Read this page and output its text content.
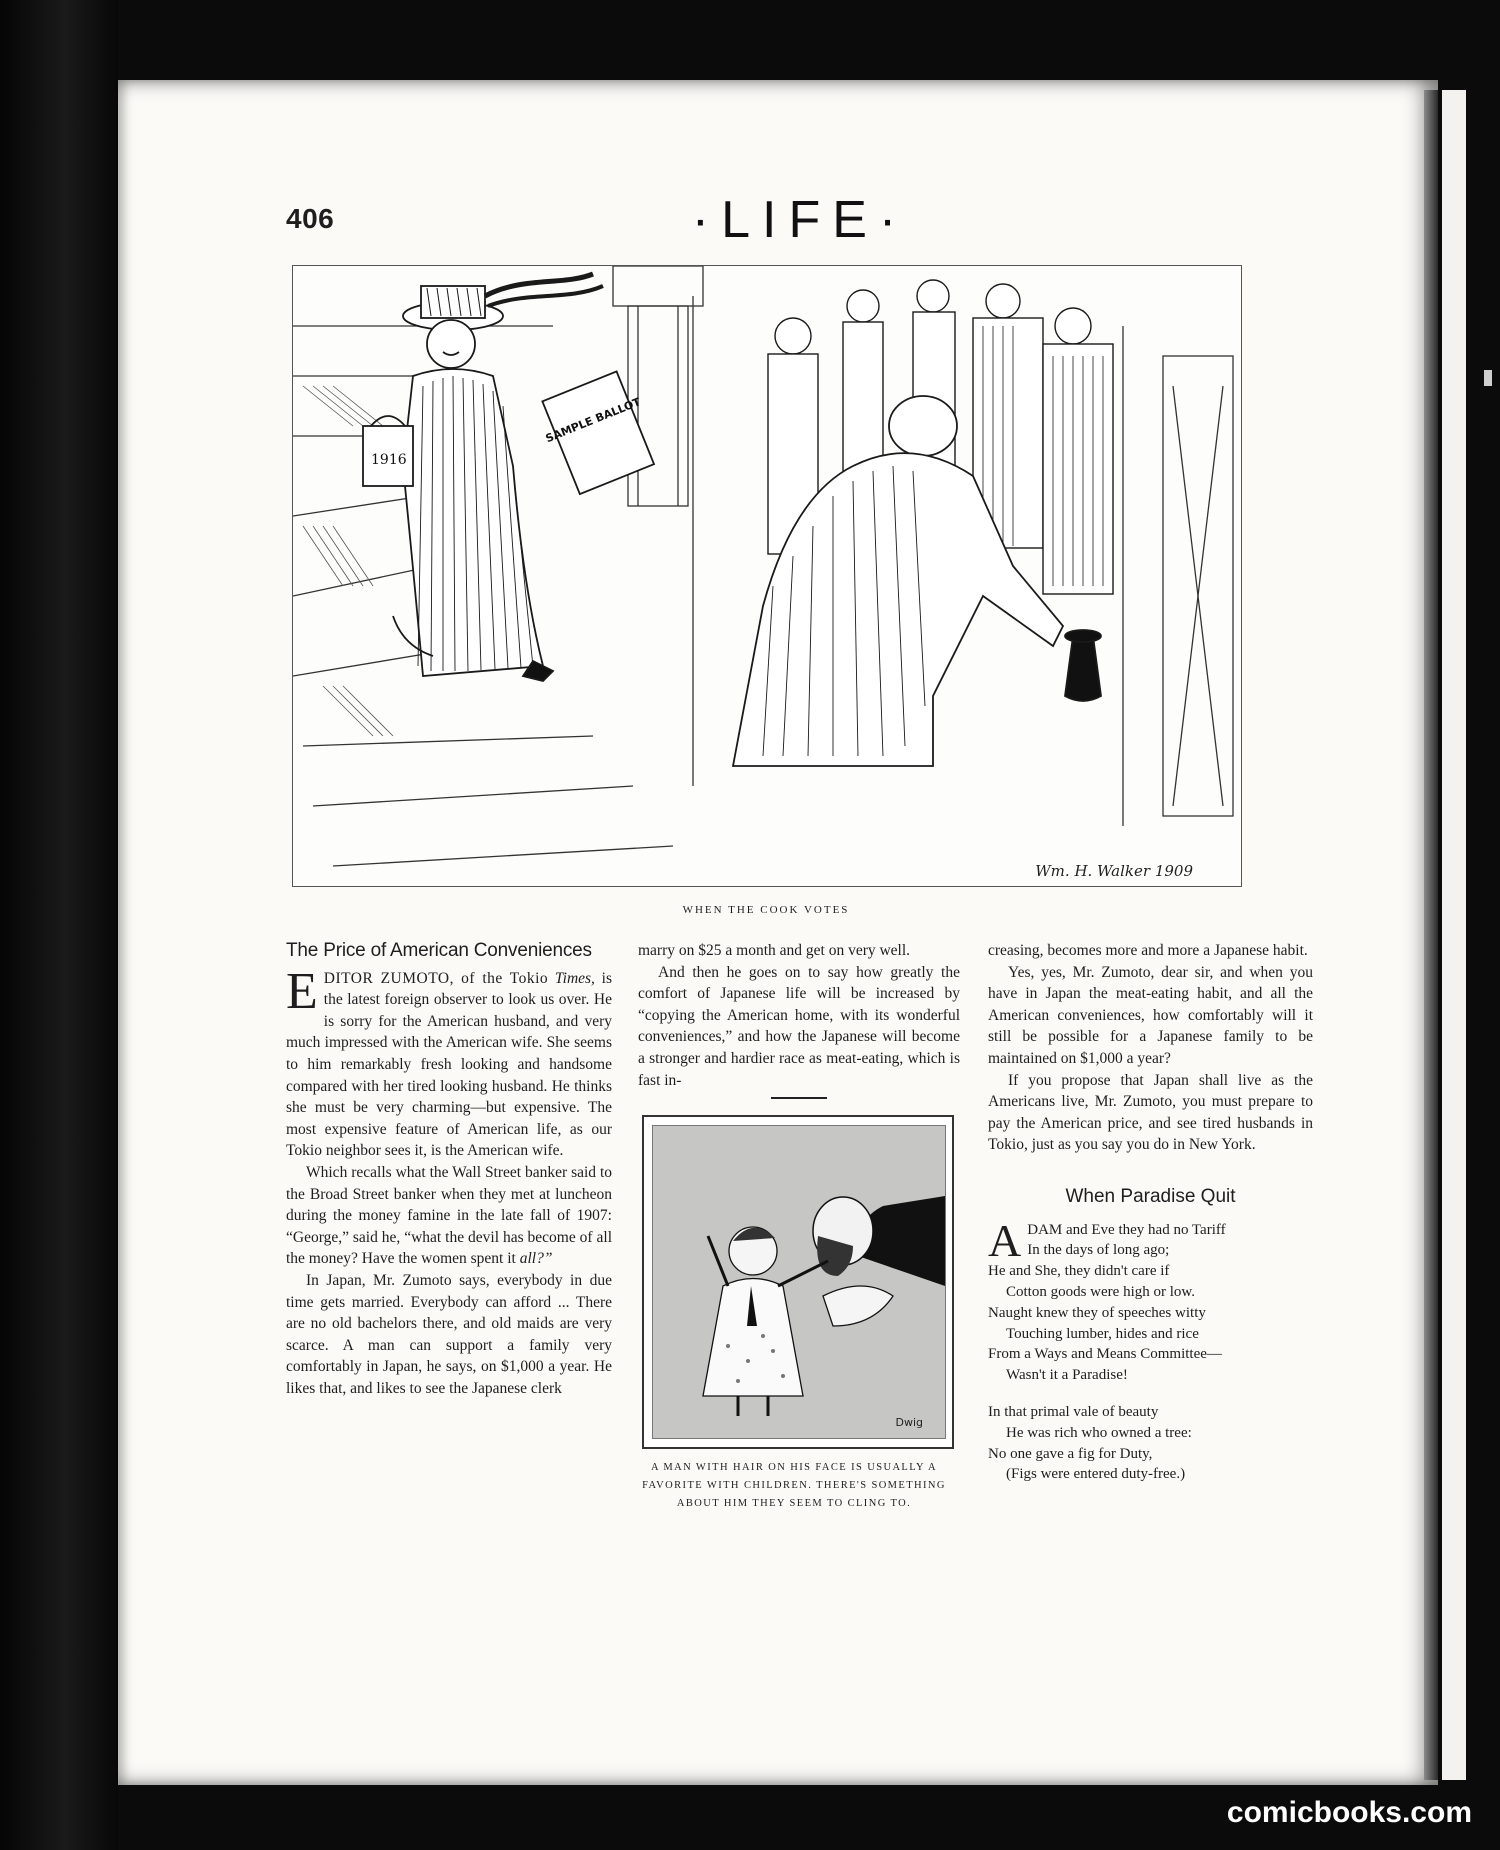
406	·LIFE·
1916
SAMPLE BALLOT
Wm. H. Walker 1909
WHEN THE COOK VOTES
The Price of American Conveniences

EDITOR ZUMOTO, of the Tokio Times, is the latest foreign observer to look us over. He is sorry for the American husband, and very much impressed with the American wife. She seems to him remarkably fresh looking and handsome compared with her tired looking husband. He thinks she must be very charming—but expensive. The most expensive feature of American life, as our Tokio neighbor sees it, is the American wife.

Which recalls what the Wall Street banker said to the Broad Street banker when they met at luncheon during the money famine in the late fall of 1907: “George,” said he, “what the devil has become of all the money? Have the women spent it all?”

In Japan, Mr. Zumoto says, everybody in due time gets married. Everybody can afford ... There are no old bachelors there, and old maids are very scarce. A man can support a family very comfortably in Japan, he says, on $1,000 a year. He likes that, and likes to see the Japanese clerk

marry on $25 a month and get on very well.

And then he goes on to say how greatly the comfort of Japanese life will be increased by “copying the American home, with its wonderful conveniences,” and how the Japanese will become a stronger and hardier race as meat-eating, which is fast in-

Dwig
A MAN WITH HAIR ON HIS FACE IS USUALLY A FAVORITE WITH CHILDREN. THERE'S SOMETHING ABOUT HIM THEY SEEM TO CLING TO.

creasing, becomes more and more a Japanese habit.

Yes, yes, Mr. Zumoto, dear sir, and when you have in Japan the meat-eating habit, and all the American conveniences, how comfortably will it still be possible for a Japanese family to be maintained on $1,000 a year?

If you propose that Japan shall live as the Americans live, Mr. Zumoto, you must prepare to pay the American price, and see tired husbands in Tokio, just as you say you do in New York.

When Paradise Quit
A DAM and Eve they had no Tariff
In the days of long ago;
He and She, they didn't care if
Cotton goods were high or low.
Naught knew they of speeches witty
Touching lumber, hides and rice
From a Ways and Means Committee—
Wasn't it a Paradise!
In that primal vale of beauty
He was rich who owned a tree:
No one gave a fig for Duty,
(Figs were entered duty-free.)
comicbooks.com
